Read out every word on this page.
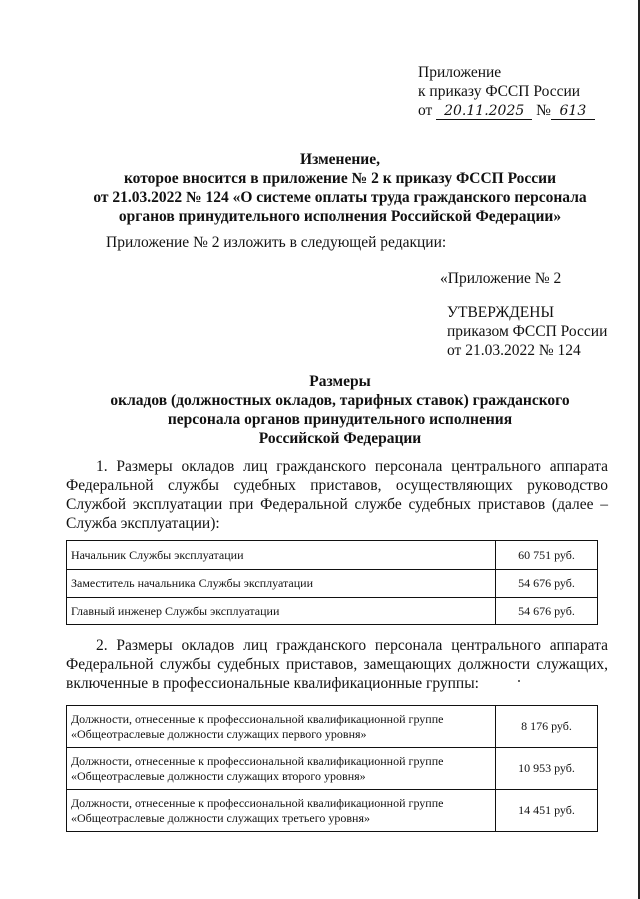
Приложение
к приказу ФССП России
от 20.11.2025 № 613
Изменение,
которое вносится в приложение № 2 к приказу ФССП России
от 21.03.2022 № 124 «О системе оплаты труда гражданского персонала
органов принудительного исполнения Российской Федерации»
Приложение № 2 изложить в следующей редакции:
«Приложение № 2
УТВЕРЖДЕНЫ
приказом ФССП России
от 21.03.2022 № 124
Размеры
окладов (должностных окладов, тарифных ставок) гражданского
персонала органов принудительного исполнения
Российской Федерации
1. Размеры окладов лиц гражданского персонала центрального аппарата Федеральной службы судебных приставов, осуществляющих руководство Службой эксплуатации при Федеральной службе судебных приставов (далее – Служба эксплуатации):
Начальник Службы эксплуатации	60 751 руб.
Заместитель начальника Службы эксплуатации	54 676 руб.
Главный инженер Службы эксплуатации	54 676 руб.
2. Размеры окладов лиц гражданского персонала центрального аппарата Федеральной службы судебных приставов, замещающих должности служащих, включенные в профессиональные квалификационные группы:
Должности, отнесенные к профессиональной квалификационной группе
«Общеотраслевые должности служащих первого уровня»	8 176 руб.

Должности, отнесенные к профессиональной квалификационной группе
«Общеотраслевые должности служащих второго уровня»	10 953 руб.

Должности, отнесенные к профессиональной квалификационной группе
«Общеотраслевые должности служащих третьего уровня»	14 451 руб.
